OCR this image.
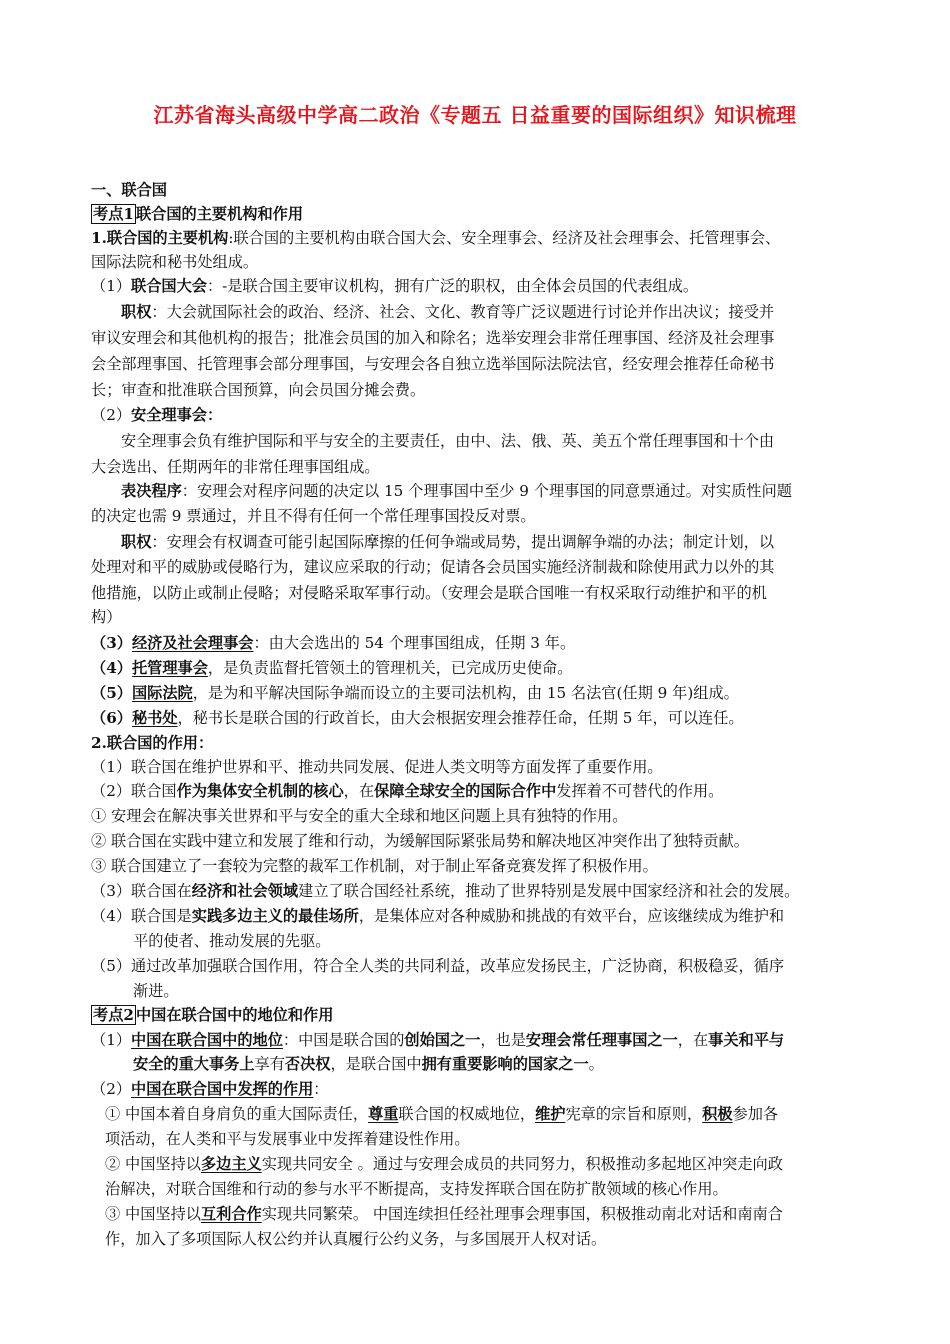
江苏省海头高级中学高二政治《专题五 日益重要的国际组织》知识梳理
一、联合国
考点1 联合国的主要机构和作用
1.联合国的主要机构:联合国的主要机构由联合国大会、安全理事会、经济及社会理事会、托管理事会、
国际法院和秘书处组成。
（1）联合国大会：-是联合国主要审议机构，拥有广泛的职权，由全体会员国的代表组成。
职权：大会就国际社会的政治、经济、社会、文化、教育等广泛议题进行讨论并作出决议；接受并
审议安理会和其他机构的报告；批准会员国的加入和除名；选举安理会非常任理事国、经济及社会理事
会全部理事国、托管理事会部分理事国，与安理会各自独立选举国际法院法官，经安理会推荐任命秘书
长；审查和批准联合国预算，向会员国分摊会费。
（2）安全理事会：
安全理事会负有维护国际和平与安全的主要责任，由中、法、俄、英、美五个常任理事国和十个由
大会选出、任期两年的非常任理事国组成。
表决程序：安理会对程序问题的决定以 15 个理事国中至少 9 个理事国的同意票通过。对实质性问题
的决定也需 9 票通过，并且不得有任何一个常任理事国投反对票。
职权：安理会有权调查可能引起国际摩擦的任何争端或局势，提出调解争端的办法；制定计划，以
处理对和平的威胁或侵略行为，建议应采取的行动；促请各会员国实施经济制裁和除使用武力以外的其
他措施，以防止或制止侵略；对侵略采取军事行动。（安理会是联合国唯一有权采取行动维护和平的机
构）
（3）经济及社会理事会：由大会选出的 54 个理事国组成，任期 3 年。
（4）托管理事会，是负责监督托管领土的管理机关，已完成历史使命。
（5）国际法院，是为和平解决国际争端而设立的主要司法机构，由 15 名法官(任期 9 年)组成。
（6）秘书处，秘书长是联合国的行政首长，由大会根据安理会推荐任命，任期 5 年，可以连任。
2.联合国的作用：
（1）联合国在维护世界和平、推动共同发展、促进人类文明等方面发挥了重要作用。
（2）联合国作为集体安全机制的核心，在保障全球安全的国际合作中发挥着不可替代的作用。
① 安理会在解决事关世界和平与安全的重大全球和地区问题上具有独特的作用。
② 联合国在实践中建立和发展了维和行动，为缓解国际紧张局势和解决地区冲突作出了独特贡献。
③ 联合国建立了一套较为完整的裁军工作机制，对于制止军备竞赛发挥了积极作用。
（3）联合国在经济和社会领域建立了联合国经社系统，推动了世界特别是发展中国家经济和社会的发展。
（4）联合国是实践多边主义的最佳场所，是集体应对各种威胁和挑战的有效平台，应该继续成为维护和
平的使者、推动发展的先驱。
（5）通过改革加强联合国作用，符合全人类的共同利益，改革应发扬民主，广泛协商，积极稳妥，循序
渐进。
考点2 中国在联合国中的地位和作用
（1）中国在联合国中的地位：中国是联合国的创始国之一，也是安理会常任理事国之一，在事关和平与
安全的重大事务上享有否决权，是联合国中拥有重要影响的国家之一。
（2）中国在联合国中发挥的作用：
① 中国本着自身肩负的重大国际责任，尊重联合国的权威地位，维护宪章的宗旨和原则，积极参加各
项活动，在人类和平与发展事业中发挥着建设性作用。
② 中国坚持以多边主义实现共同安全 。通过与安理会成员的共同努力，积极推动多起地区冲突走向政
治解决，对联合国维和行动的参与水平不断提高，支持发挥联合国在防扩散领域的核心作用。
③ 中国坚持以互利合作实现共同繁荣。 中国连续担任经社理事会理事国，积极推动南北对话和南南合
作，加入了多项国际人权公约并认真履行公约义务，与多国展开人权对话。
